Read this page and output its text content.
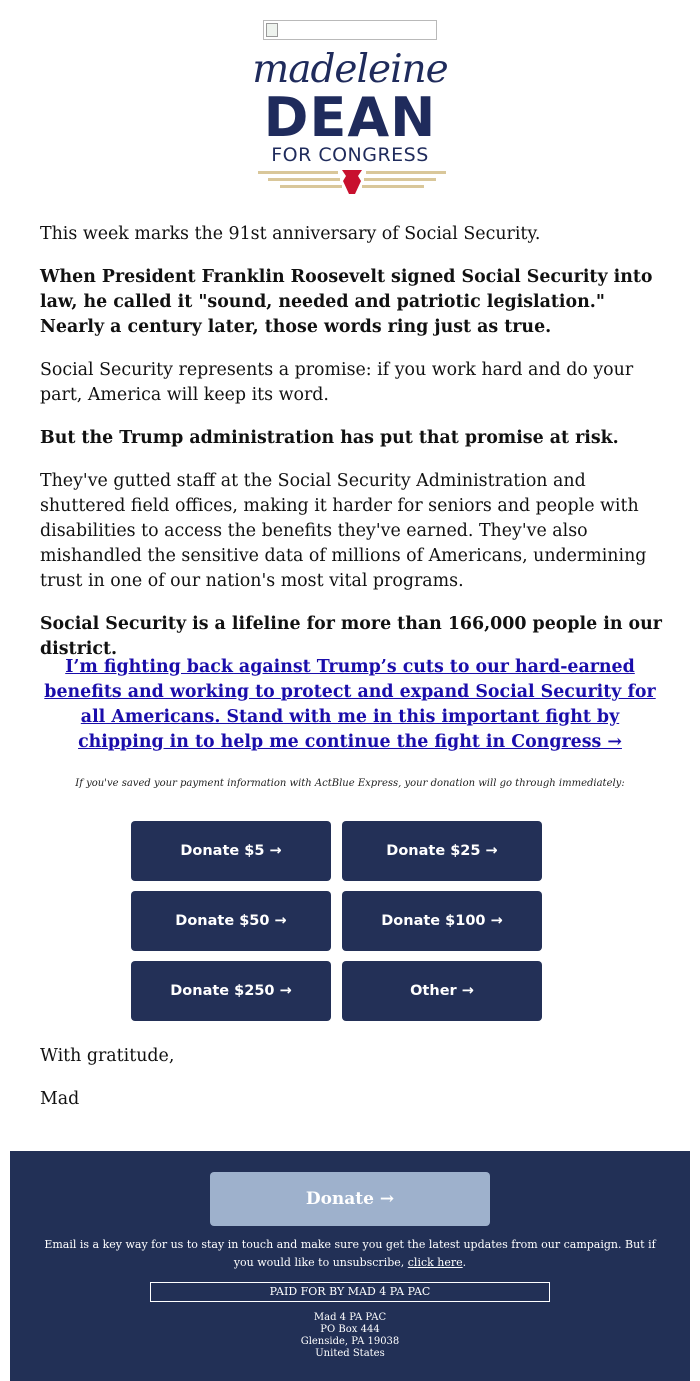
madeleine
DEAN
FOR CONGRESS

This week marks the 91st anniversary of Social Security.

When President Franklin Roosevelt signed Social Security into law, he called it "sound, needed and patriotic legislation." Nearly a century later, those words ring just as true.

Social Security represents a promise: if you work hard and do your part, America will keep its word.

But the Trump administration has put that promise at risk.

They've gutted staff at the Social Security Administration and shuttered field offices, making it harder for seniors and people with disabilities to access the benefits they've earned. They've also mishandled the sensitive data of millions of Americans, undermining trust in one of our nation's most vital programs.

Social Security is a lifeline for more than 166,000 people in our district.

I’m fighting back against Trump’s cuts to our hard-earned benefits and working to protect and expand Social Security for all Americans. Stand with me in this important fight by chipping in to help me continue the fight in Congress →
If you've saved your payment information with ActBlue Express, your donation will go through immediately:
Donate $5 →	Donate $25 →
Donate $50 →	Donate $100 →
Donate $250 →	Other →

With gratitude,

Mad

Donate →
Email is a key way for us to stay in touch and make sure you get the latest updates from our campaign. But if you would like to unsubscribe, click here.
PAID FOR BY MAD 4 PA PAC
Mad 4 PA PAC
PO Box 444
Glenside, PA 19038
United States
